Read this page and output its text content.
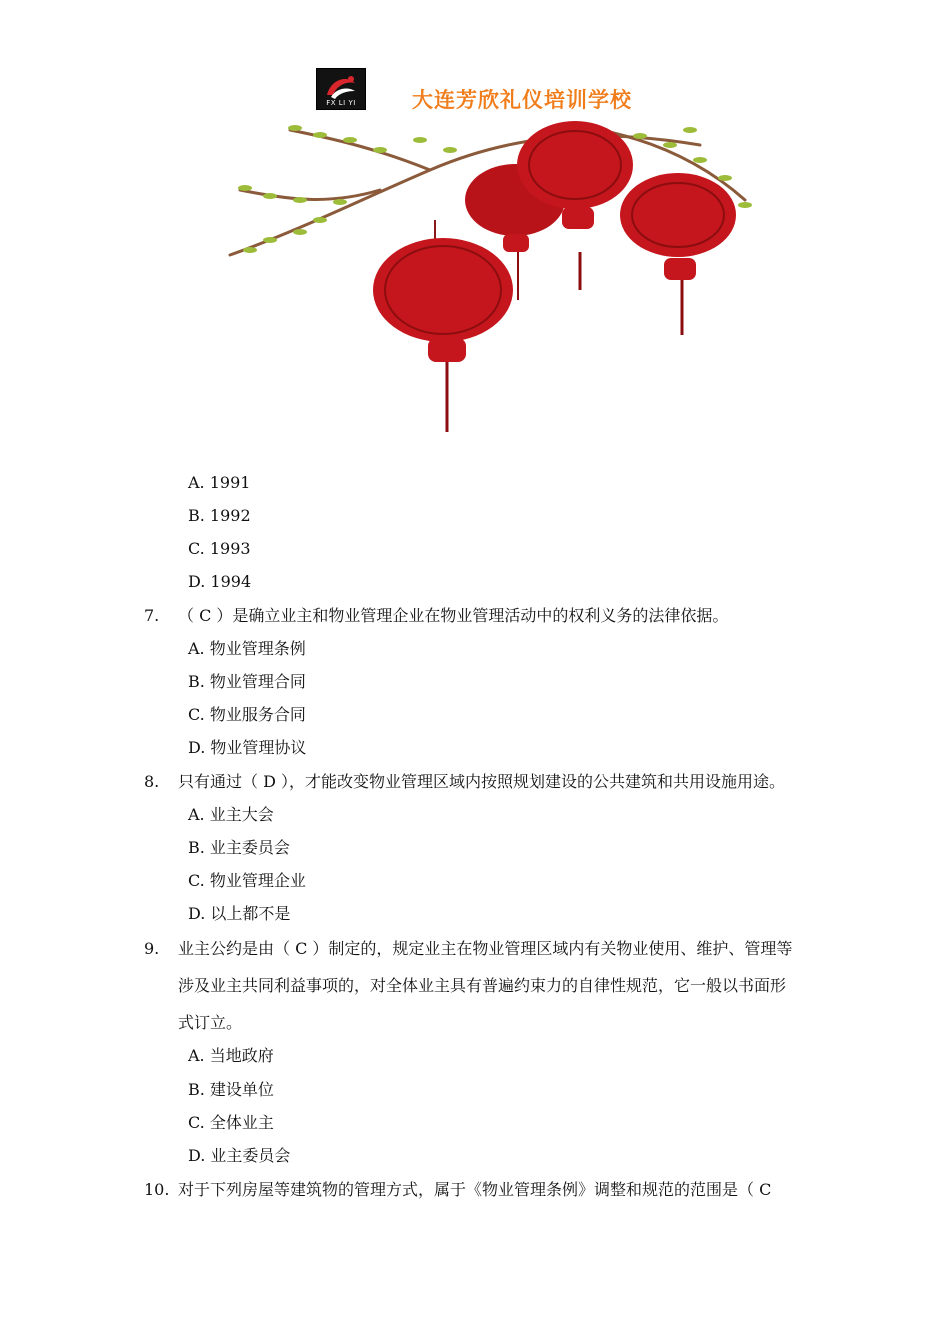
FX LI YI	大连芳欣礼仪培训学校
A. 1991
B. 1992
C. 1993
D. 1994
7. （ C ）是确立业主和物业管理企业在物业管理活动中的权利义务的法律依据。
A. 物业管理条例
B. 物业管理合同
C. 物业服务合同
D. 物业管理协议
8. 只有通过（ D ），才能改变物业管理区域内按照规划建设的公共建筑和共用设施用途。
A. 业主大会
B. 业主委员会
C. 物业管理企业
D. 以上都不是
9. 业主公约是由（ C ）制定的，规定业主在物业管理区域内有关物业使用、维护、管理等
涉及业主共同利益事项的，对全体业主具有普遍约束力的自律性规范，它一般以书面形
式订立。
A. 当地政府
B. 建设单位
C. 全体业主
D. 业主委员会
10. 对于下列房屋等建筑物的管理方式，属于《物业管理条例》调整和规范的范围是（ C
